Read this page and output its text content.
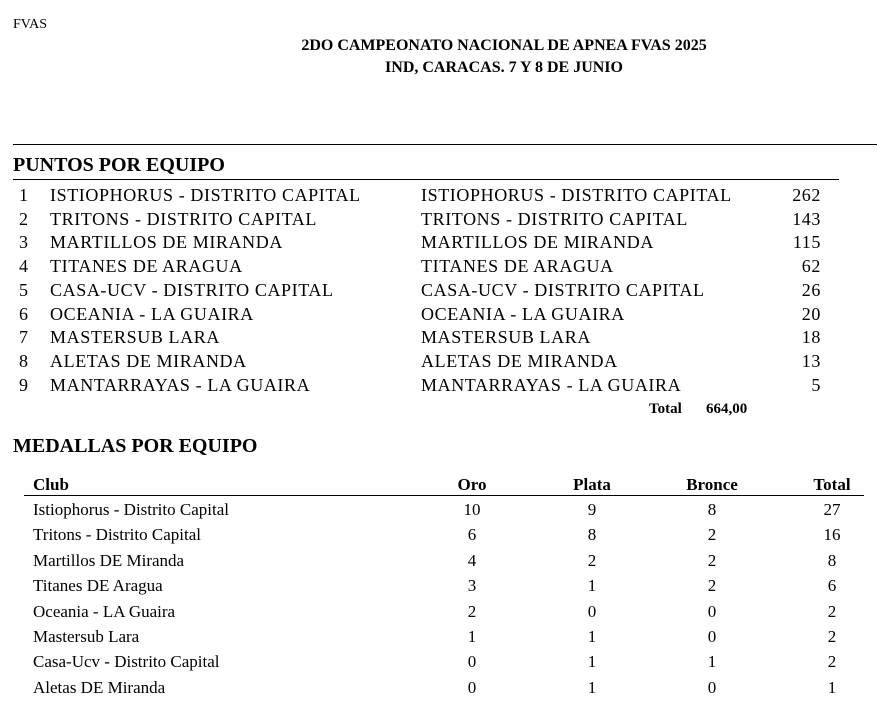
FVAS
2DO CAMPEONATO NACIONAL DE APNEA FVAS 2025
IND, CARACAS. 7 Y 8 DE JUNIO
PUNTOS POR EQUIPO
1 ISTIOPHORUS - DISTRITO CAPITAL	ISTIOPHORUS - DISTRITO CAPITAL	262
2 TRITONS - DISTRITO CAPITAL	TRITONS - DISTRITO CAPITAL	143
3 MARTILLOS DE MIRANDA	MARTILLOS DE MIRANDA	115
4 TITANES DE ARAGUA	TITANES DE ARAGUA	62
5 CASA-UCV - DISTRITO CAPITAL	CASA-UCV - DISTRITO CAPITAL	26
6 OCEANIA - LA GUAIRA	OCEANIA - LA GUAIRA	20
7 MASTERSUB LARA	MASTERSUB LARA	18
8 ALETAS DE MIRANDA	ALETAS DE MIRANDA	13
9 MANTARRAYAS - LA GUAIRA	MANTARRAYAS - LA GUAIRA	5
Total 664,00
MEDALLAS POR EQUIPO
Club	Oro	Plata	Bronce	Total
Istiophorus - Distrito Capital	10	9	8	27
Tritons - Distrito Capital	6	8	2	16
Martillos DE Miranda	4	2	2	8
Titanes DE Aragua	3	1	2	6
Oceania - LA Guaira	2	0	0	2
Mastersub Lara	1	1	0	2
Casa-Ucv - Distrito Capital	0	1	1	2
Aletas DE Miranda	0	1	0	1
